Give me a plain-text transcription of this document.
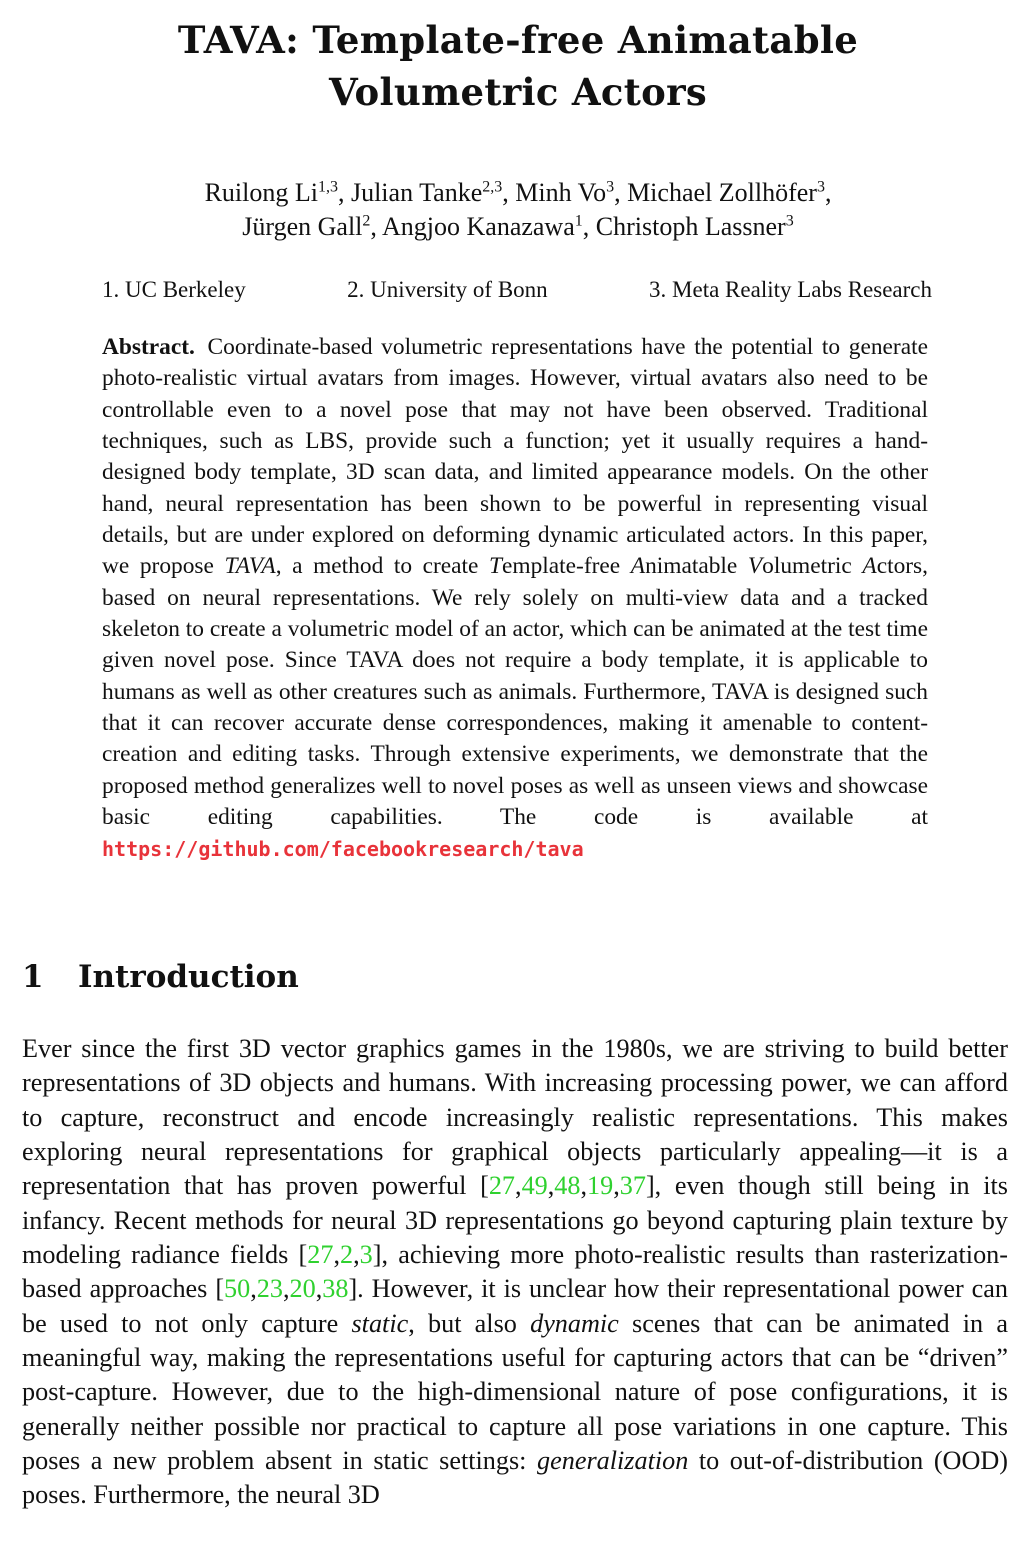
TAVA: Template-free Animatable
Volumetric Actors
Ruilong Li$^{1,3}$, Julian Tanke$^{2,3}$, Minh Vo$^3$, Michael Zollhöfer$^3$,
Jürgen Gall$^2$, Angjoo Kanazawa$^1$, Christoph Lassner$^3$
1. UC Berkeley	2. University of Bonn	3. Meta Reality Labs Research
Abstract. Coordinate-based volumetric representations have the potential to generate photo-realistic virtual avatars from images. However, virtual avatars also need to be controllable even to a novel pose that may not have been observed. Traditional techniques, such as LBS, provide such a function; yet it usually requires a hand-designed body template, 3D scan data, and limited appearance models. On the other hand, neural representation has been shown to be powerful in representing visual details, but are under explored on deforming dynamic articulated actors. In this paper, we propose TAVA, a method to create Template-free Animatable Volumetric Actors, based on neural representations. We rely solely on multi-view data and a tracked skeleton to create a volumetric model of an actor, which can be animated at the test time given novel pose. Since TAVA does not require a body template, it is applicable to humans as well as other creatures such as animals. Furthermore, TAVA is designed such that it can recover accurate dense correspondences, making it amenable to content-creation and editing tasks. Through extensive experiments, we demonstrate that the proposed method generalizes well to novel poses as well as unseen views and showcase basic editing capabilities. The code is available at https://github.com/facebookresearch/tava
1 Introduction
Ever since the first 3D vector graphics games in the 1980s, we are striving to build better representations of 3D objects and humans. With increasing processing power, we can afford to capture, reconstruct and encode increasingly realistic representations. This makes exploring neural representations for graphical objects particularly appealing—it is a representation that has proven powerful [27,49,48,19,37], even though still being in its infancy. Recent methods for neural 3D representations go beyond capturing plain texture by modeling radiance fields [27,2,3], achieving more photo-realistic results than rasterization-based approaches [50,23,20,38]. However, it is unclear how their representational power can be used to not only capture static, but also dynamic scenes that can be animated in a meaningful way, making the representations useful for capturing actors that can be “driven” post-capture. However, due to the high-dimensional nature of pose configurations, it is generally neither possible nor practical to capture all pose variations in one capture. This poses a new problem absent in static settings: generalization to out-of-distribution (OOD) poses. Furthermore, the neural 3D
